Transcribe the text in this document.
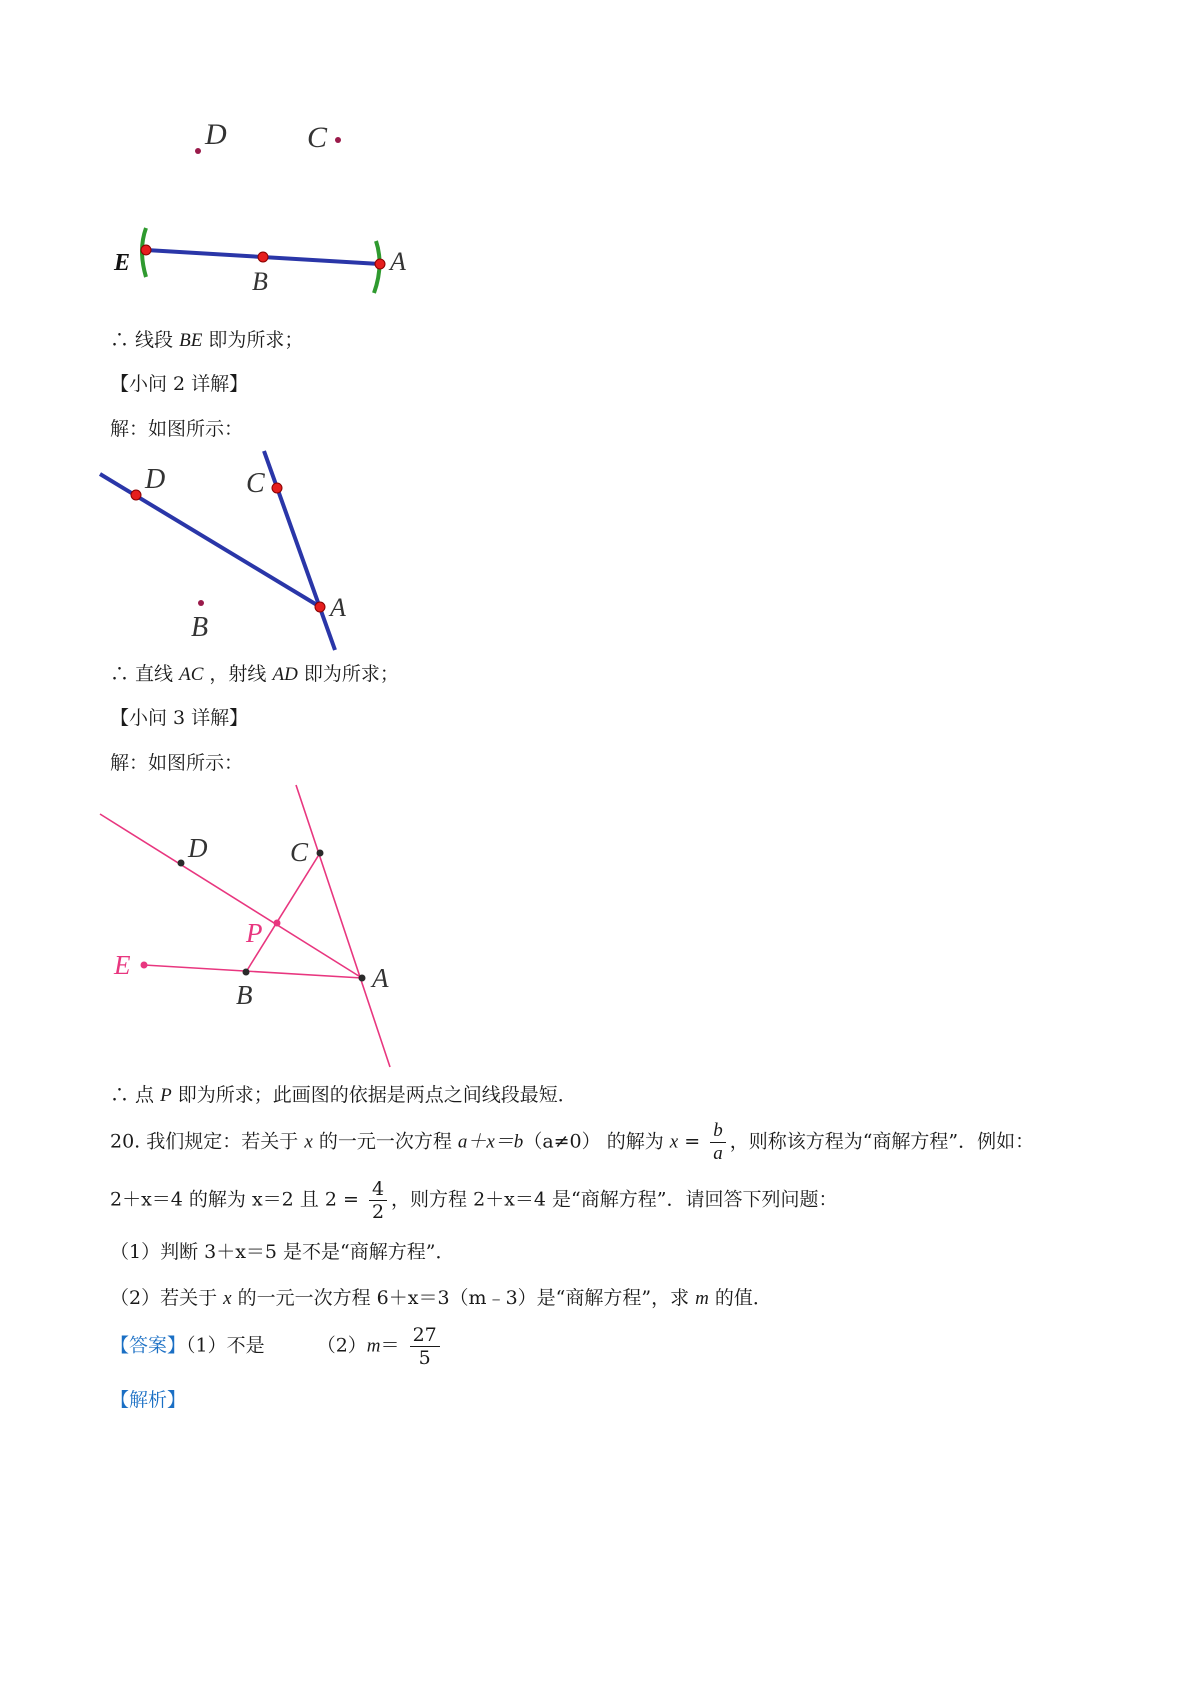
D	C
E
B
A
∴ 线段 BE 即为所求；
【小问 2 详解】
解：如图所示：
D	C
A
B
∴ 直线 AC ，射线 AD 即为所求；
【小问 3 详解】
解：如图所示：
D	C
P
E
B
A
∴ 点 P 即为所求；此画图的依据是两点之间线段最短．
20. 我们规定：若关于 x 的一元一次方程 a＋x＝b（a≠0） 的解为 $x = \frac{b}{a}$ ，则称该方程为“商解方程”．例如：
2＋x＝4 的解为 x＝2 且 $2 = \frac{4}{2}$ ，则方程 2＋x＝4 是“商解方程”．请回答下列问题：
（1）判断 3＋x＝5 是不是“商解方程”．
（2）若关于 x 的一元一次方程 6＋x＝3（m﹣3）是“商解方程”，求 m 的值．
【答案】（1）不是	$(2)m= \frac{27}{5}$
【解析】
